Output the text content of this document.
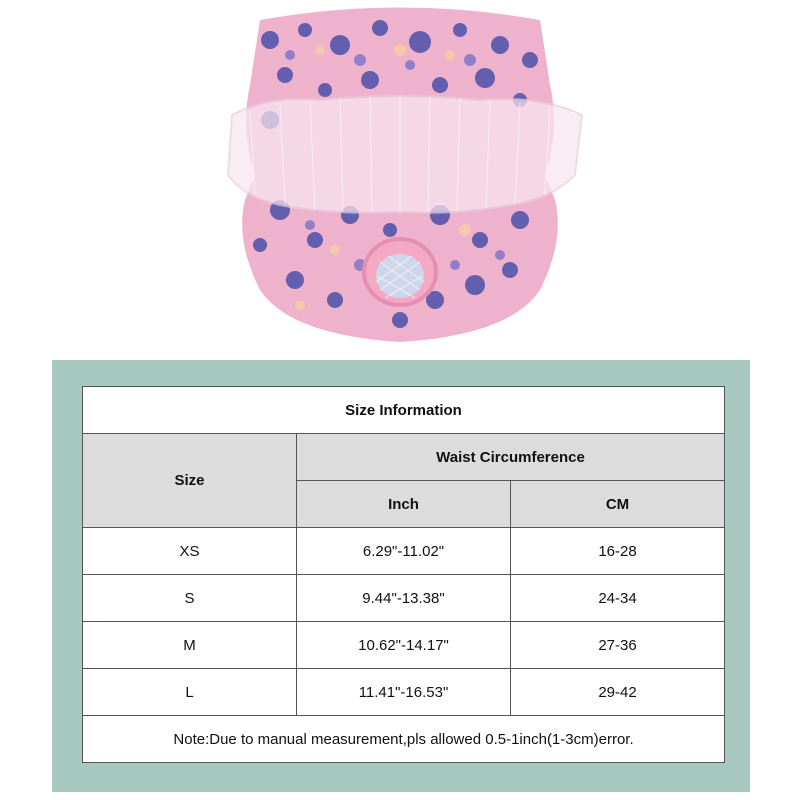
Size Information		
Size	Waist Circumference	
	Inch	CM
XS	6.29"-11.02"	16-28
S	9.44"-13.38"	24-34
M	10.62"-14.17"	27-36
L	11.41"-16.53"	29-42
Note:Due to manual measurement,pls allowed 0.5-1inch(1-3cm)error.		
